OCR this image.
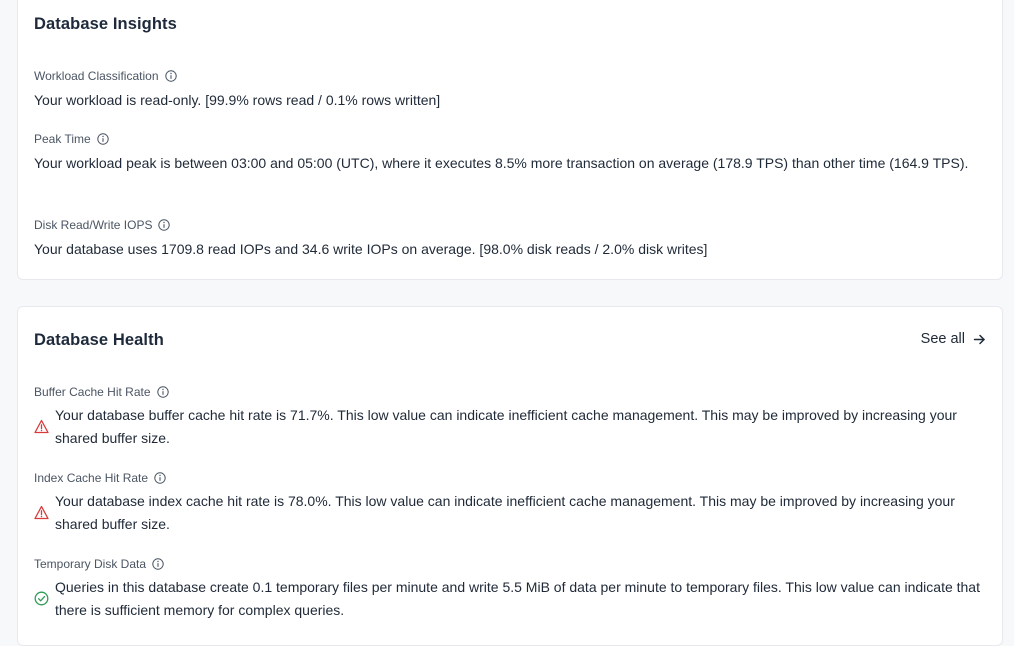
Database Insights
Workload Classification
Your workload is read-only. [99.9% rows read / 0.1% rows written]
Peak Time
Your workload peak is between 03:00 and 05:00 (UTC), where it executes 8.5% more transaction on average (178.9 TPS) than other time (164.9 TPS).
Disk Read/Write IOPS
Your database uses 1709.8 read IOPs and 34.6 write IOPs on average. [98.0% disk reads / 2.0% disk writes]
Database Health	See all
Buffer Cache Hit Rate
Your database buffer cache hit rate is 71.7%. This low value can indicate inefficient cache management. This may be improved by increasing your shared buffer size.
Index Cache Hit Rate
Your database index cache hit rate is 78.0%. This low value can indicate inefficient cache management. This may be improved by increasing your shared buffer size.
Temporary Disk Data
Queries in this database create 0.1 temporary files per minute and write 5.5 MiB of data per minute to temporary files. This low value can indicate that there is sufficient memory for complex queries.
